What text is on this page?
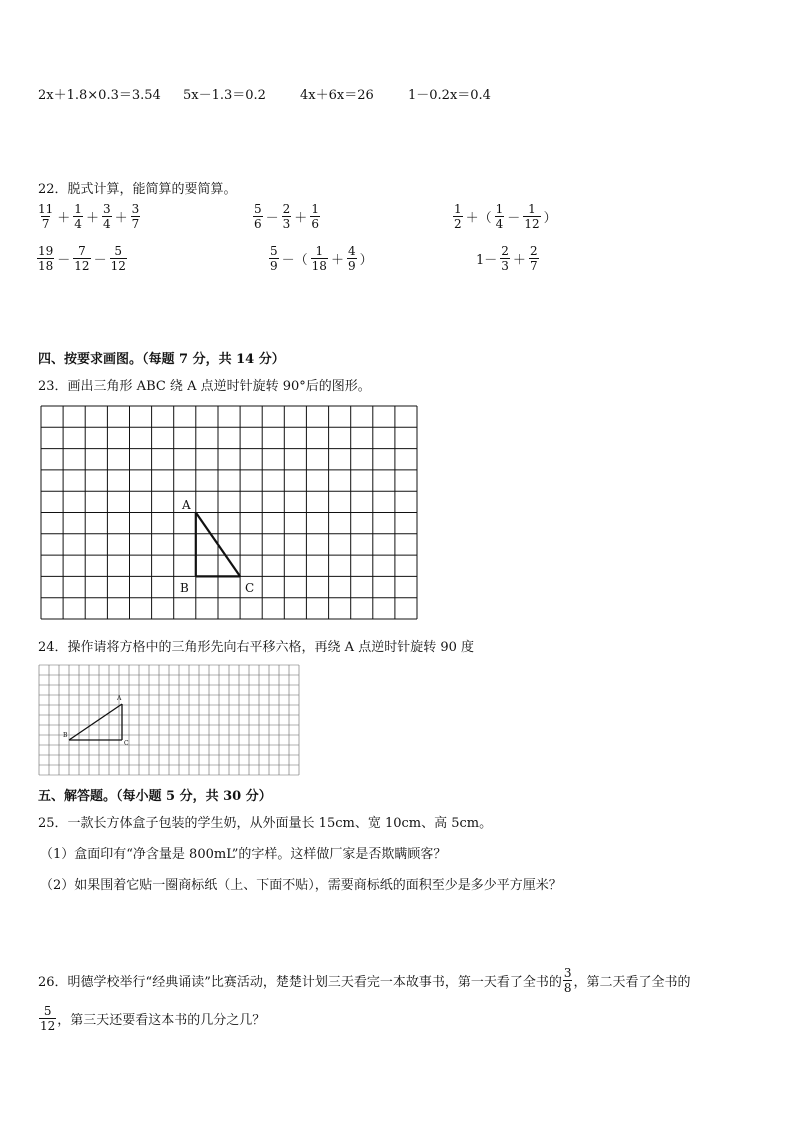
2x＋1.8×0.3＝3.54 5x－1.3＝0.2	4x＋6x＝26	1－0.2x＝0.4
22．脱式计算，能简算的要简算。
$\frac{11}{7} + \frac{1}{4} + \frac{3}{4} + \frac{3}{7}$	$\frac{5}{6} - \frac{2}{3} + \frac{1}{6}$	$\frac{1}{2}$ ＋（ $\frac{1}{4} - \frac{1}{12}$ ）
$\frac{19}{18} - \frac{7}{12} - \frac{5}{12}$	$\frac{5}{9}$ －（ $\frac{1}{18} + \frac{4}{9}$ ）	$1- \frac{2}{3} + \frac{2}{7}$
四、按要求画图。（每题 7 分，共 14 分）
23．画出三角形 ABC 绕 A 点逆时针旋转 90°后的图形。
A
B	C
24．操作请将方格中的三角形先向右平移六格，再绕 A 点逆时针旋转 90 度
A
B
C
五、解答题。（每小题 5 分，共 30 分）
25．一款长方体盒子包装的学生奶，从外面量长 15cm、宽 10cm、高 5cm。
（1）盒面印有“净含量是 800mL”的字样。这样做厂家是否欺瞒顾客？
（2）如果围着它贴一圈商标纸（上、下面不贴），需要商标纸的面积至少是多少平方厘米？
26．明德学校举行“经典诵读”比赛活动，楚楚计划三天看完一本故事书，第一天看了全书的 $\frac{3}{8}$ ，第二天看了全书的
$\frac{5}{12}$ ，第三天还要看这本书的几分之几？
